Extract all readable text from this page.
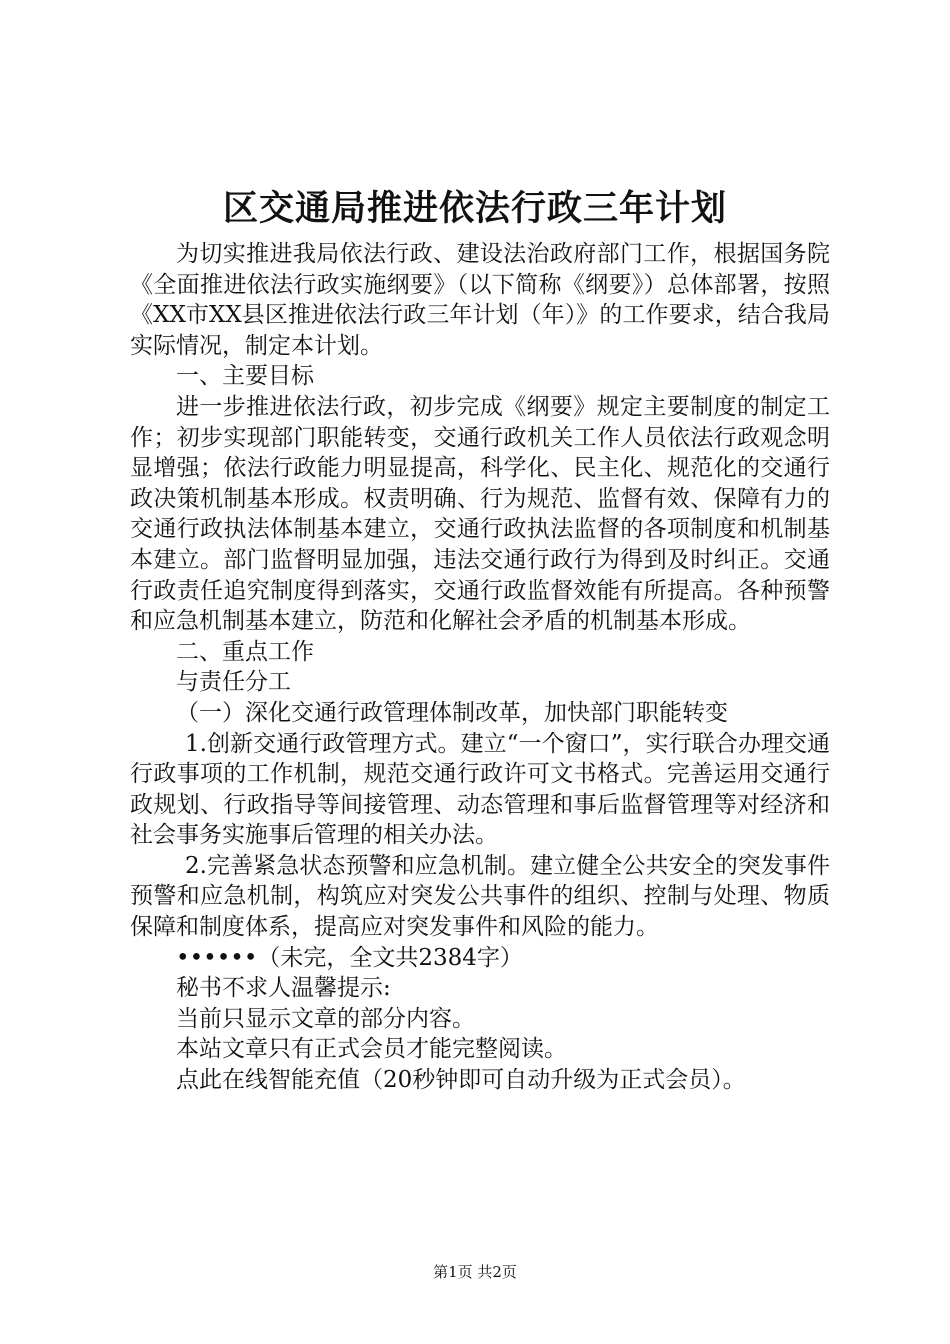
区交通局推进依法行政三年计划

为切实推进我局依法行政、建设法治政府部门工作，根据国务院《全面推进依法行政实施纲要》（以下简称《纲要》）总体部署，按照《XX市XX县区推进依法行政三年计划（年）》的工作要求，结合我局实际情况，制定本计划。

一、主要目标

进一步推进依法行政，初步完成《纲要》规定主要制度的制定工作；初步实现部门职能转变，交通行政机关工作人员依法行政观念明显增强；依法行政能力明显提高，科学化、民主化、规范化的交通行政决策机制基本形成。权责明确、行为规范、监督有效、保障有力的交通行政执法体制基本建立，交通行政执法监督的各项制度和机制基本建立。部门监督明显加强，违法交通行政行为得到及时纠正。交通行政责任追究制度得到落实，交通行政监督效能有所提高。各种预警和应急机制基本建立，防范和化解社会矛盾的机制基本形成。

二、重点工作

与责任分工

（一）深化交通行政管理体制改革，加快部门职能转变

1.创新交通行政管理方式。建立“一个窗口”，实行联合办理交通行政事项的工作机制，规范交通行政许可文书格式。完善运用交通行政规划、行政指导等间接管理、动态管理和事后监督管理等对经济和社会事务实施事后管理的相关办法。

2.完善紧急状态预警和应急机制。建立健全公共安全的突发事件预警和应急机制，构筑应对突发公共事件的组织、控制与处理、物质保障和制度体系，提高应对突发事件和风险的能力。

••••••（未完，全文共2384字）

秘书不求人温馨提示:

当前只显示文章的部分内容。

本站文章只有正式会员才能完整阅读。

点此在线智能充值（20秒钟即可自动升级为正式会员）。

第1页 共2页
